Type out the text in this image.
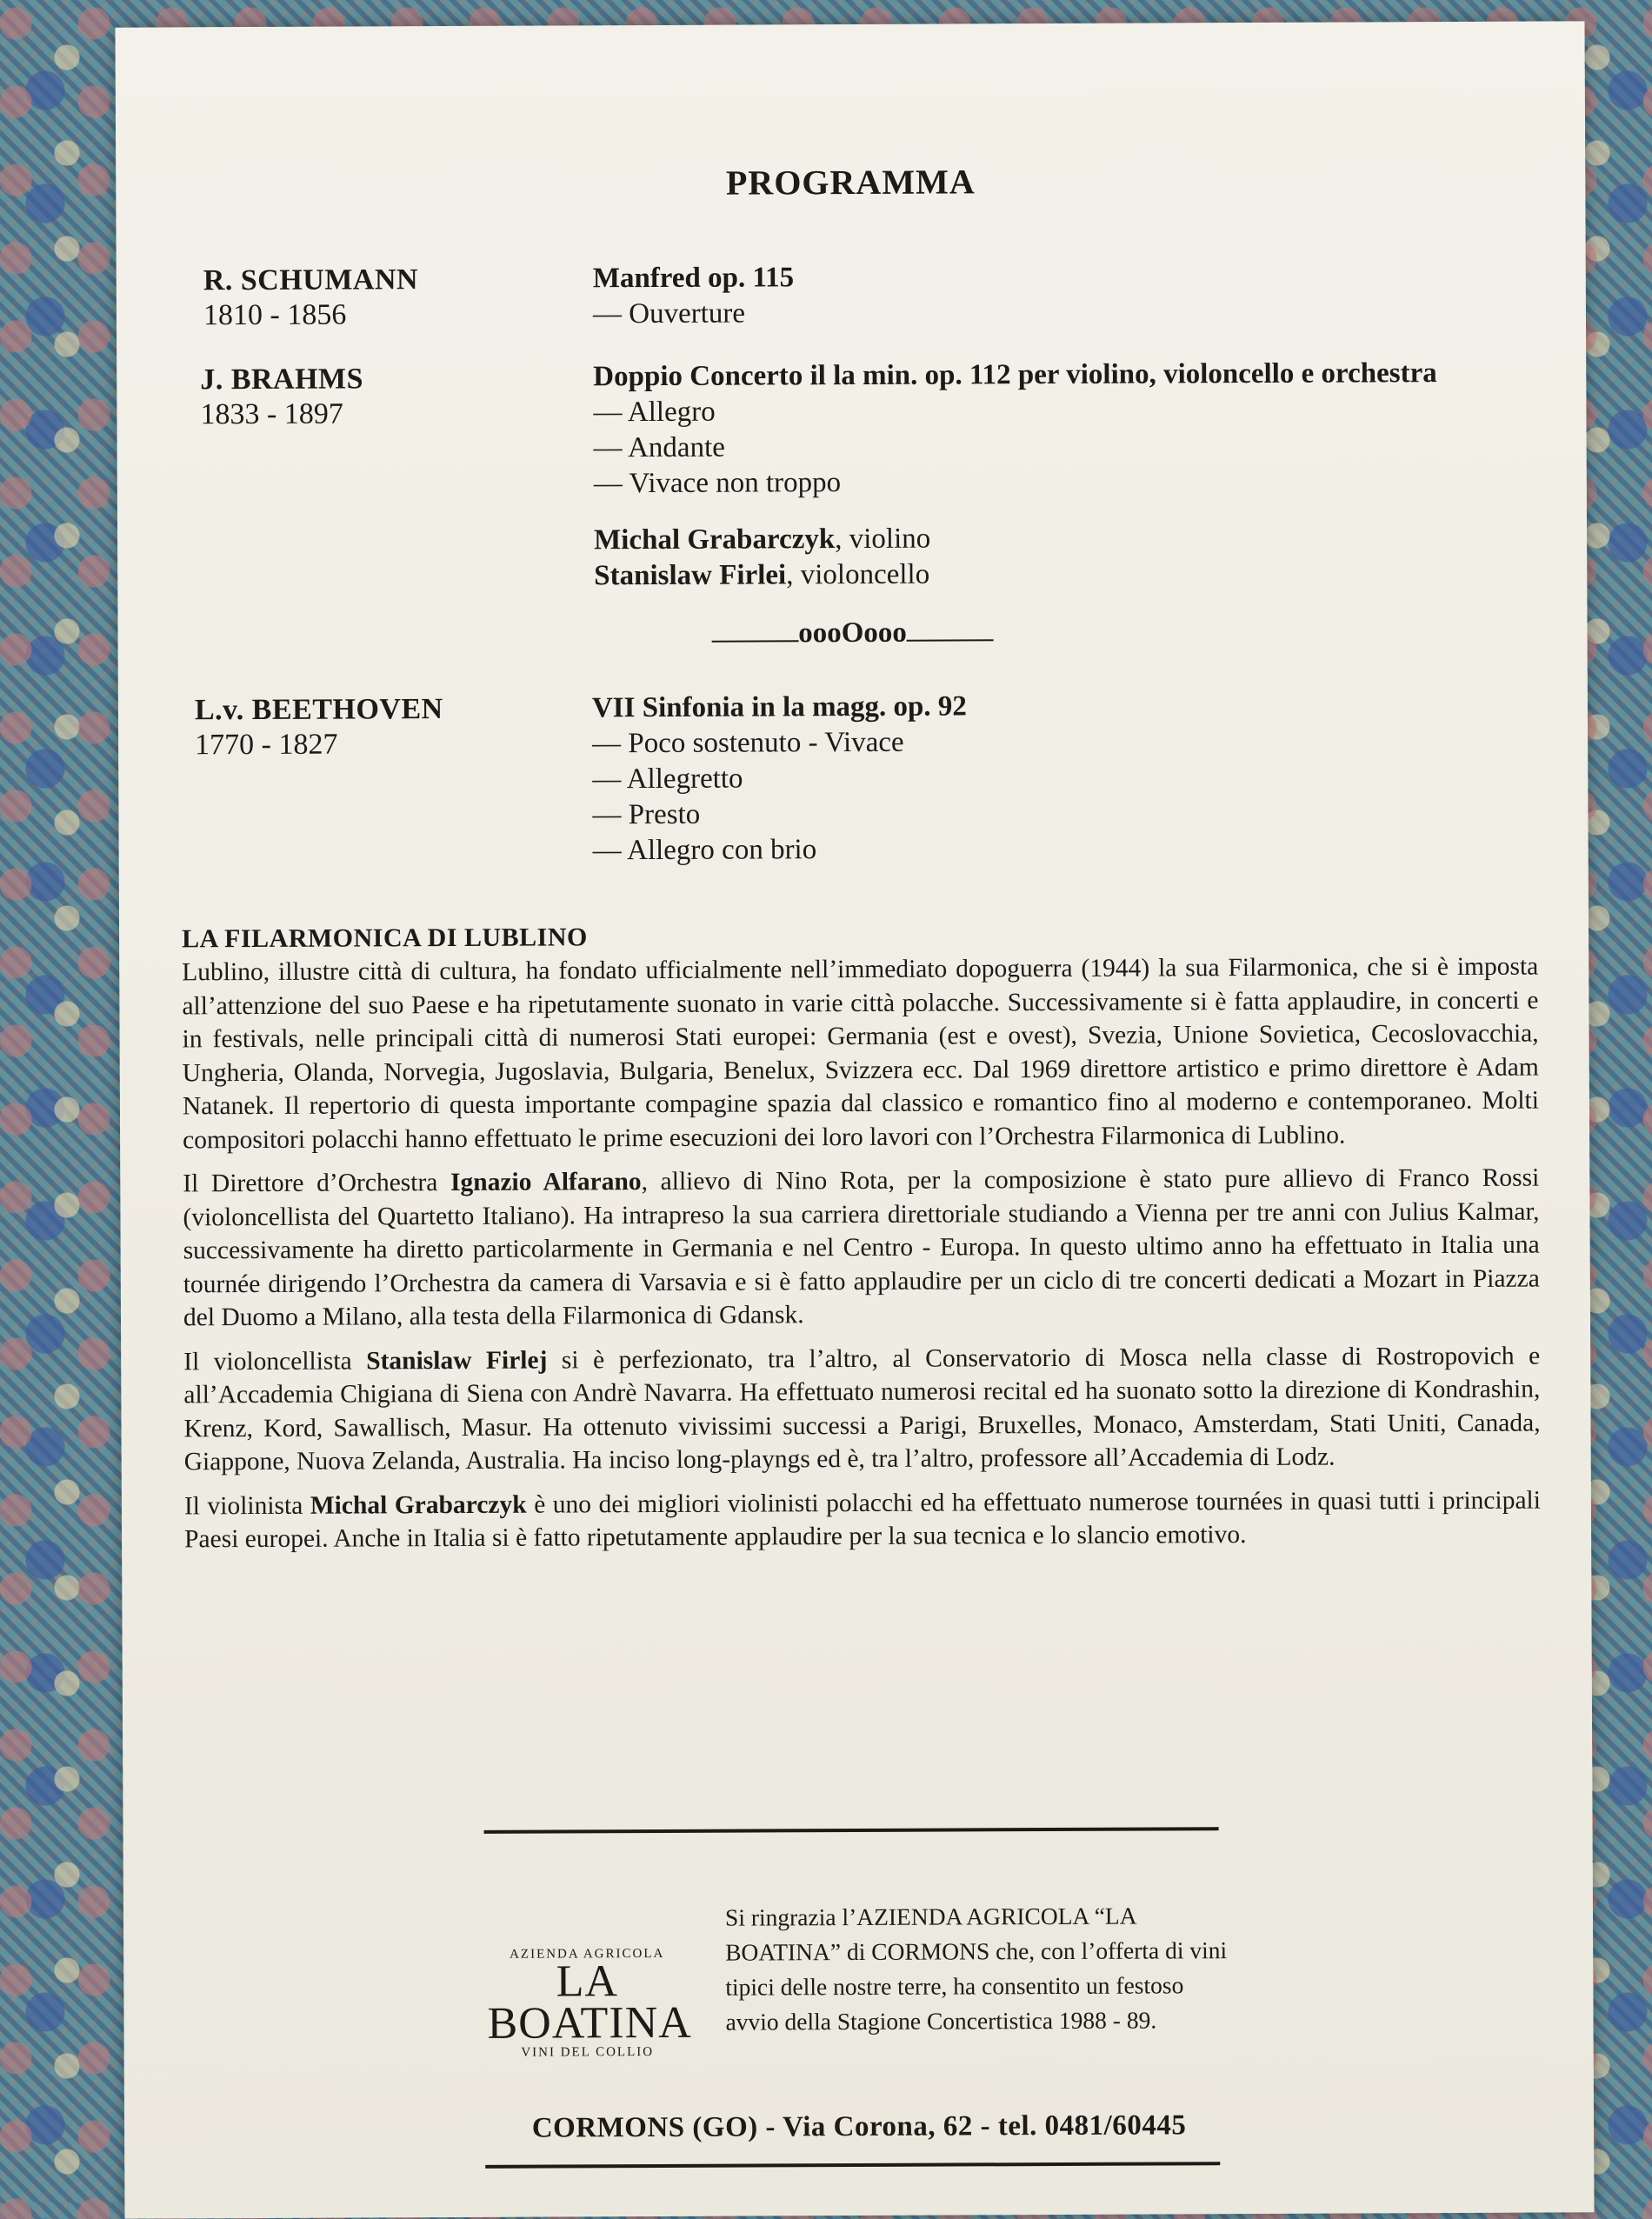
PROGRAMMA
R. SCHUMANN
1810 - 1856
Manfred op. 115
— Ouverture
J. BRAHMS
1833 - 1897
Doppio Concerto il la min. op. 112 per violino, violoncello e orchestra
— Allegro
— Andante
— Vivace non troppo
Michal Grabarczyk, violino
Stanislaw Firlei, violoncello
oooOooo
L.v. BEETHOVEN
1770 - 1827
VII Sinfonia in la magg. op. 92
— Poco sostenuto - Vivace
— Allegretto
— Presto
— Allegro con brio
LA FILARMONICA DI LUBLINO

Lublino, illustre città di cultura, ha fondato ufficialmente nell’immediato dopoguerra (1944) la sua Filarmonica, che si è imposta all’attenzione del suo Paese e ha ripetutamente suonato in varie città polacche. Successivamente si è fatta applaudire, in concerti e in festivals, nelle principali città di numerosi Stati europei: Germania (est e ovest), Svezia, Unione Sovietica, Cecoslovacchia, Ungheria, Olanda, Norvegia, Jugoslavia, Bulgaria, Benelux, Svizzera ecc. Dal 1969 direttore artistico e primo direttore è Adam Natanek. Il repertorio di questa importante compagine spazia dal classico e romantico fino al moderno e contemporaneo. Molti compositori polacchi hanno effettuato le prime esecuzioni dei loro lavori con l’Orchestra Filarmonica di Lublino.

Il Direttore d’Orchestra Ignazio Alfarano, allievo di Nino Rota, per la composizione è stato pure allievo di Franco Rossi (violoncellista del Quartetto Italiano). Ha intrapreso la sua carriera direttoriale studiando a Vienna per tre anni con Julius Kalmar, successivamente ha diretto particolarmente in Germania e nel Centro - Europa. In questo ultimo anno ha effettuato in Italia una tournée dirigendo l’Orchestra da camera di Varsavia e si è fatto applaudire per un ciclo di tre concerti dedicati a Mozart in Piazza del Duomo a Milano, alla testa della Filarmonica di Gdansk.

Il violoncellista Stanislaw Firlej si è perfezionato, tra l’altro, al Conservatorio di Mosca nella classe di Rostropovich e all’Accademia Chigiana di Siena con Andrè Navarra. Ha effettuato numerosi recital ed ha suonato sotto la direzione di Kondrashin, Krenz, Kord, Sawallisch, Masur. Ha ottenuto vivissimi successi a Parigi, Bruxelles, Monaco, Amsterdam, Stati Uniti, Canada, Giappone, Nuova Zelanda, Australia. Ha inciso long-playngs ed è, tra l’altro, professore all’Accademia di Lodz.

Il violinista Michal Grabarczyk è uno dei migliori violinisti polacchi ed ha effettuato numerose tournées in quasi tutti i principali Paesi europei. Anche in Italia si è fatto ripetutamente applaudire per la sua tecnica e lo slancio emotivo.

AZIENDA AGRICOLA
LA
BOATINA
VINI DEL COLLIO
Si ringrazia l’AZIENDA AGRICOLA “LA BOATINA” di CORMONS che, con l’offerta di vini tipici delle nostre terre, ha consentito un festoso avvio della Stagione Concertistica 1988 - 89.
CORMONS (GO) - Via Corona, 62 - tel. 0481/60445
